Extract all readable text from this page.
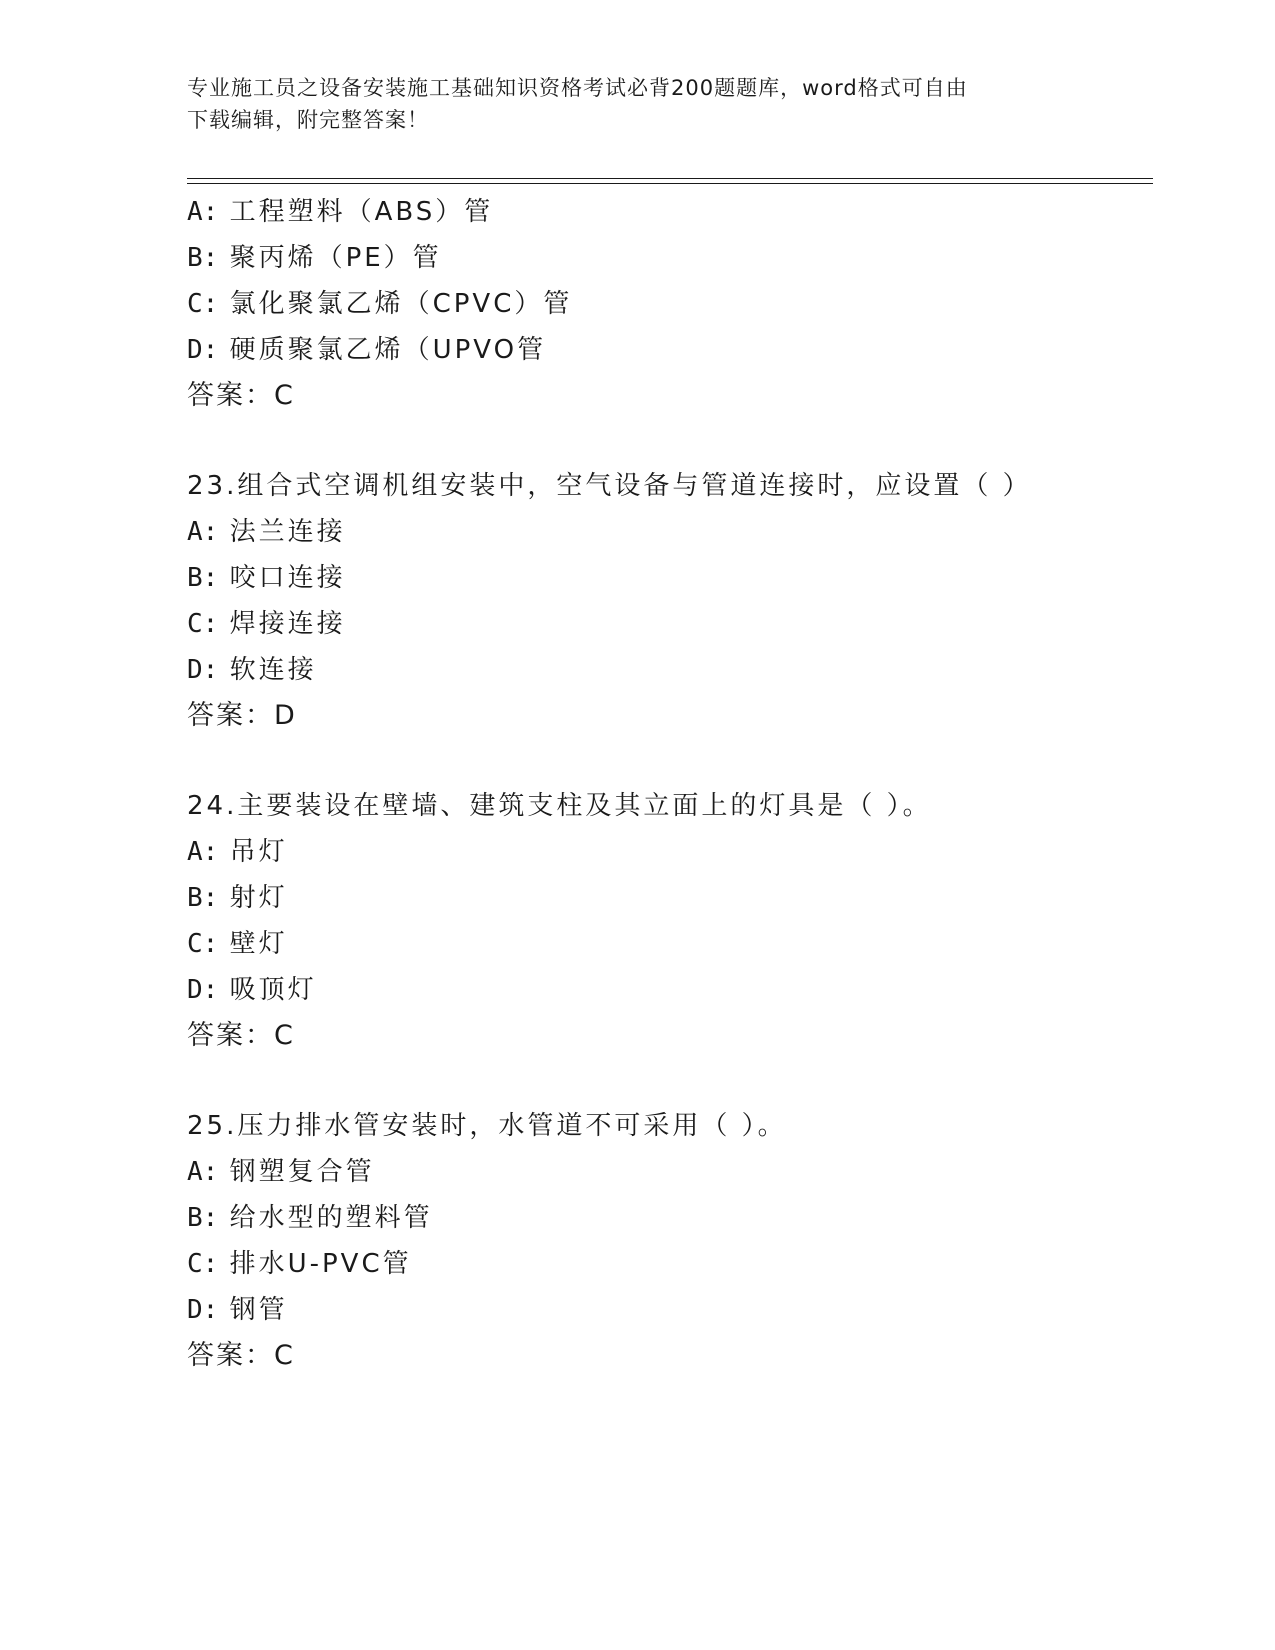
专业施工员之设备安装施工基础知识资格考试必背200题题库，word格式可自由
下载编辑，附完整答案！
A: 工程塑料（ABS）管
B: 聚丙烯（PE）管
C: 氯化聚氯乙烯（CPVC）管
D: 硬质聚氯乙烯（UPVO管
答案：C
23.组合式空调机组安装中，空气设备与管道连接时，应设置（ ）
A: 法兰连接
B: 咬口连接
C: 焊接连接
D: 软连接
答案：D
24.主要装设在壁墙、建筑支柱及其立面上的灯具是（ ）。
A: 吊灯
B: 射灯
C: 壁灯
D: 吸顶灯
答案：C
25.压力排水管安装时，水管道不可采用（ ）。
A: 钢塑复合管
B: 给水型的塑料管
C: 排水U-PVC管
D: 钢管
答案：C
